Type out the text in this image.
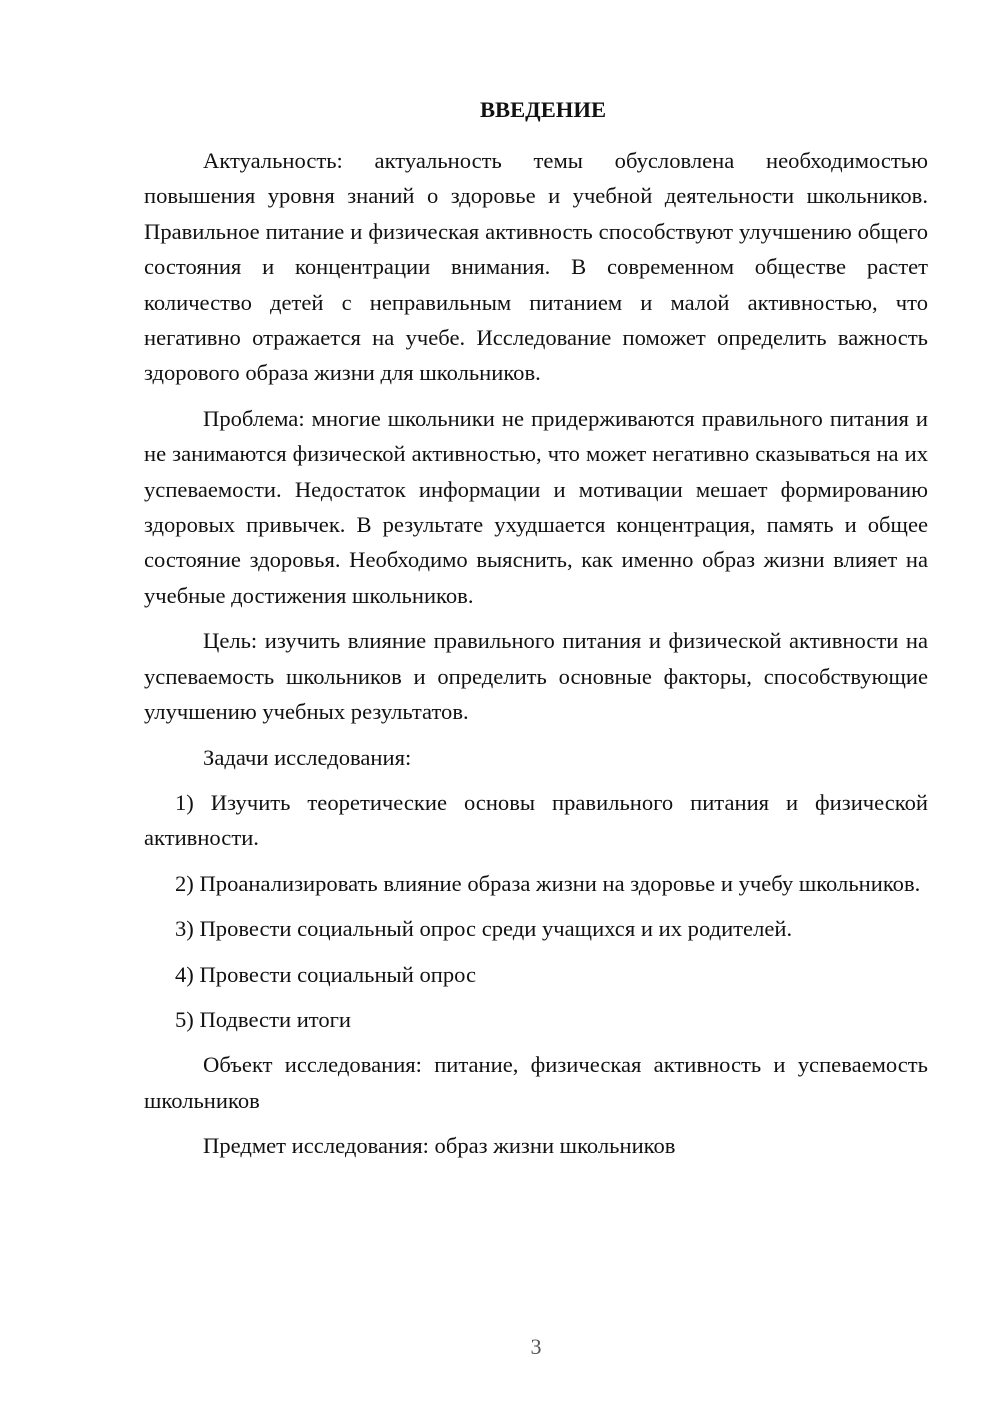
ВВЕДЕНИЕ

Актуальность: актуальность темы обусловлена необходимостью повышения уровня знаний о здоровье и учебной деятельности школьников. Правильное питание и физическая активность способствуют улучшению общего состояния и концентрации внимания. В современном обществе растет количество детей с неправильным питанием и малой активностью, что негативно отражается на учебе. Исследование поможет определить важность здорового образа жизни для школьников.

Проблема: многие школьники не придерживаются правильного питания и не занимаются физической активностью, что может негативно сказываться на их успеваемости. Недостаток информации и мотивации мешает формированию здоровых привычек. В результате ухудшается концентрация, память и общее состояние здоровья. Необходимо выяснить, как именно образ жизни влияет на учебные достижения школьников.

Цель: изучить влияние правильного питания и физической активности на успеваемость школьников и определить основные факторы, способствующие улучшению учебных результатов.

Задачи исследования:

1) Изучить теоретические основы правильного питания и физической активности.

2) Проанализировать влияние образа жизни на здоровье и учебу школьников.

3) Провести социальный опрос среди учащихся и их родителей.

4) Провести социальный опрос

5) Подвести итоги

Объект исследования: питание, физическая активность и успеваемость школьников

Предмет исследования: образ жизни школьников

3
